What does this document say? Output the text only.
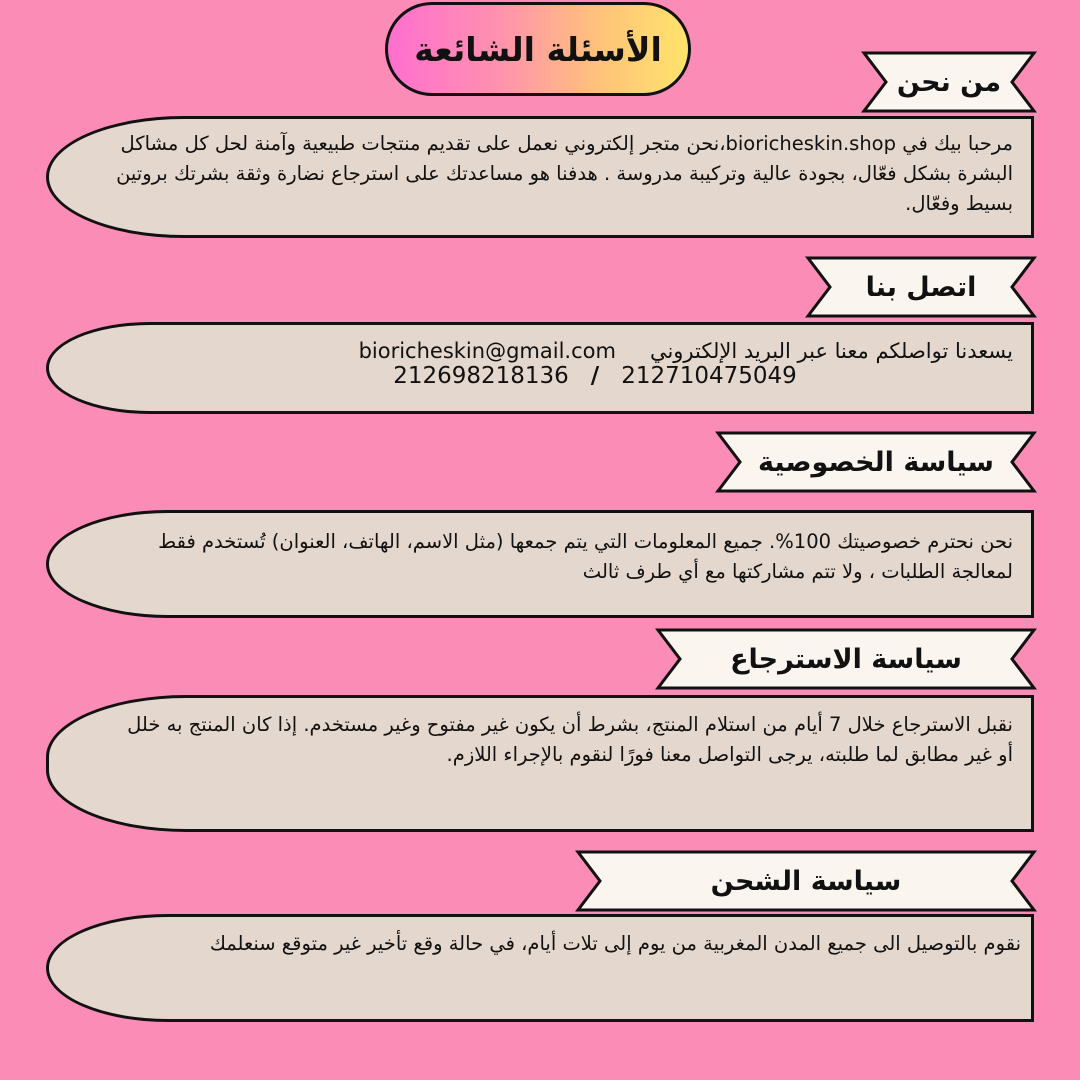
الأسئلة الشائعة
من نحن

مرحبا بيك في bioricheskin.shop،نحن متجر إلكتروني نعمل على تقديم منتجات طبيعية وآمنة لحل كل مشاكل البشرة بشكل فعّال، بجودة عالية وتركيبة مدروسة . هدفنا هو مساعدتك على استرجاع نضارة وثقة بشرتك بروتين بسيط وفعّال.

اتصل بنا
يسعدنا تواصلكم معنا عبر البريد الإلكتروني
bioricheskin@gmail.com
212698218136 / 212710475049
سياسة الخصوصية

نحن نحترم خصوصيتك 100%. جميع المعلومات التي يتم جمعها (مثل الاسم، الهاتف، العنوان) تُستخدم فقط لمعالجة الطلبات ، ولا تتم مشاركتها مع أي طرف ثالث

سياسة الاسترجاع

نقبل الاسترجاع خلال 7 أيام من استلام المنتج، بشرط أن يكون غير مفتوح وغير مستخدم. إذا كان المنتج به خلل أو غير مطابق لما طلبته، يرجى التواصل معنا فورًا لنقوم بالإجراء اللازم.

سياسة الشحن

نقوم بالتوصيل الى جميع المدن المغربية من يوم إلى تلات أيام، في حالة وقع تأخير غير متوقع سنعلمك
